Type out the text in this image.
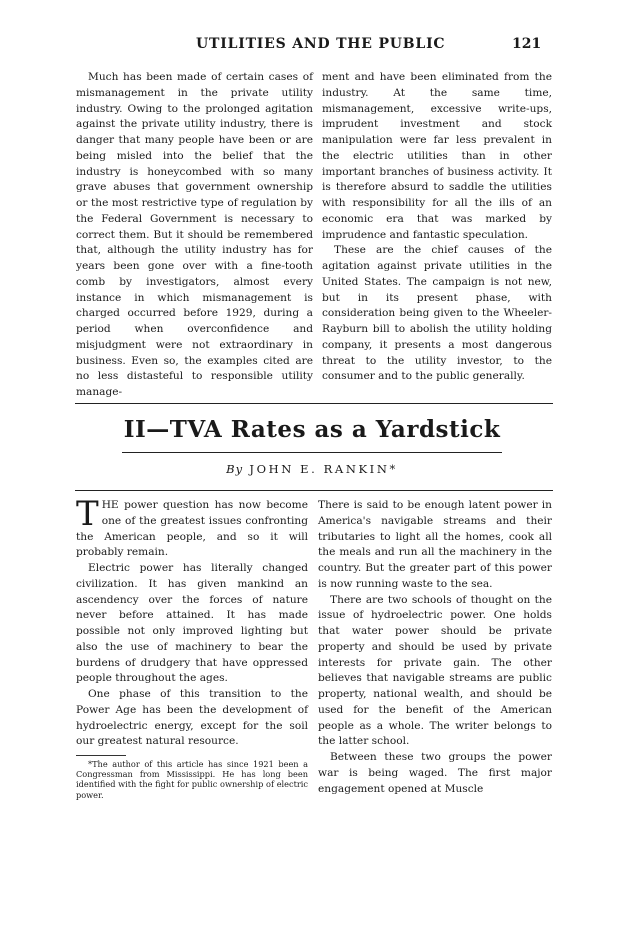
UTILITIES AND THE PUBLIC	121

Much has been made of certain cases of mismanagement in the private utility industry. Owing to the prolonged agitation against the private utility industry, there is danger that many people have been or are being misled into the belief that the industry is honeycombed with so many grave abuses that government ownership or the most restrictive type of regulation by the Federal Government is necessary to correct them. But it should be remembered that, although the utility industry has for years been gone over with a fine-tooth comb by investigators, almost every instance in which mismanagement is charged occurred before 1929, during a period when overconfidence and misjudgment were not extraordinary in business. Even so, the examples cited are no less distasteful to responsible utility manage-

ment and have been eliminated from the industry. At the same time, mismanagement, excessive write-ups, imprudent investment and stock manipulation were far less prevalent in the electric utilities than in other important branches of business activity. It is therefore absurd to saddle the utilities with responsibility for all the ills of an economic era that was marked by imprudence and fantastic speculation.

These are the chief causes of the agitation against private utilities in the United States. The campaign is not new, but in its present phase, with consideration being given to the Wheeler-Rayburn bill to abolish the utility holding company, it presents a most dangerous threat to the utility investor, to the consumer and to the public generally.

II—TVA Rates as a Yardstick
By JOHN E. RANKIN*

THE power question has now become one of the greatest issues confronting the American people, and so it will probably remain.

Electric power has literally changed civilization. It has given mankind an ascendency over the forces of nature never before attained. It has made possible not only improved lighting but also the use of machinery to bear the burdens of drudgery that have oppressed people throughout the ages.

One phase of this transition to the Power Age has been the development of hydroelectric energy, except for the soil our greatest natural resource.

*The author of this article has since 1921 been a Congressman from Mississippi. He has long been identified with the fight for public ownership of electric power.

There is said to be enough latent power in America's navigable streams and their tributaries to light all the homes, cook all the meals and run all the machinery in the country. But the greater part of this power is now running waste to the sea.

There are two schools of thought on the issue of hydroelectric power. One holds that water power should be private property and should be used by private interests for private gain. The other believes that navigable streams are public property, national wealth, and should be used for the benefit of the American people as a whole. The writer belongs to the latter school.

Between these two groups the power war is being waged. The first major engagement opened at Muscle
